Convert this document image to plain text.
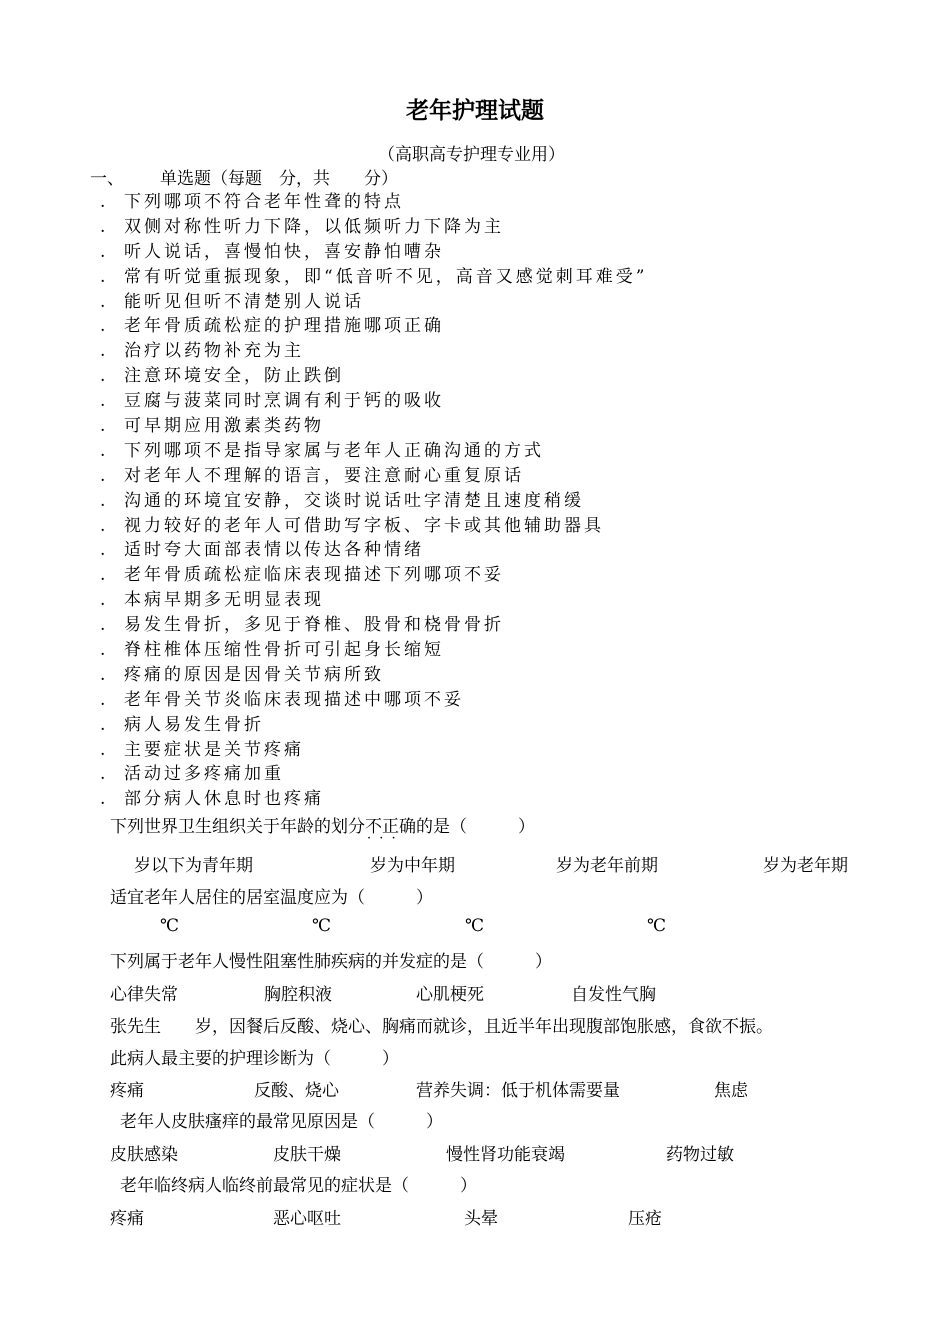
老年护理试题
（高职高专护理专业用）
一、 单选题（每题　分，共　　分）
. 下列哪项不符合老年性聋的特点
. 双侧对称性听力下降，以低频听力下降为主
. 听人说话，喜慢怕快，喜安静怕嘈杂
. 常有听觉重振现象，即“低音听不见，高音又感觉刺耳难受”
. 能听见但听不清楚别人说话
. 老年骨质疏松症的护理措施哪项正确
. 治疗以药物补充为主
. 注意环境安全，防止跌倒
. 豆腐与菠菜同时烹调有利于钙的吸收
. 可早期应用激素类药物
. 下列哪项不是指导家属与老年人正确沟通的方式
. 对老年人不理解的语言，要注意耐心重复原话
. 沟通的环境宜安静，交谈时说话吐字清楚且速度稍缓
. 视力较好的老年人可借助写字板、字卡或其他辅助器具
. 适时夸大面部表情以传达各种情绪
. 老年骨质疏松症临床表现描述下列哪项不妥
. 本病早期多无明显表现
. 易发生骨折，多见于脊椎、股骨和桡骨骨折
. 脊柱椎体压缩性骨折可引起身长缩短
. 疼痛的原因是因骨关节病所致
. 老年骨关节炎临床表现描述中哪项不妥
. 病人易发生骨折
. 主要症状是关节疼痛
. 活动过多疼痛加重
. 部分病人休息时也疼痛
下列世界卫生组织关于年龄的划分不正确 · · ·的是（　　　）
岁以下为青年期	岁为中年期	岁为老年前期	岁为老年期
适宜老年人居住的居室温度应为（　　　）
℃	℃	℃	℃
下列属于老年人慢性阻塞性肺疾病的并发症的是（　　　）
心律失常	胸腔积液	心肌梗死	自发性气胸
张先生　　岁，因餐后反酸、烧心、胸痛而就诊，且近半年出现腹部饱胀感，食欲不振。
此病人最主要的护理诊断为（　　　）
疼痛	反酸、烧心	营养失调：低于机体需要量	焦虑
老年人皮肤瘙痒的最常见原因是（　　　）
皮肤感染	皮肤干燥	慢性肾功能衰竭	药物过敏
老年临终病人临终前最常见的症状是（　　　）
疼痛	恶心呕吐	头晕	压疮
